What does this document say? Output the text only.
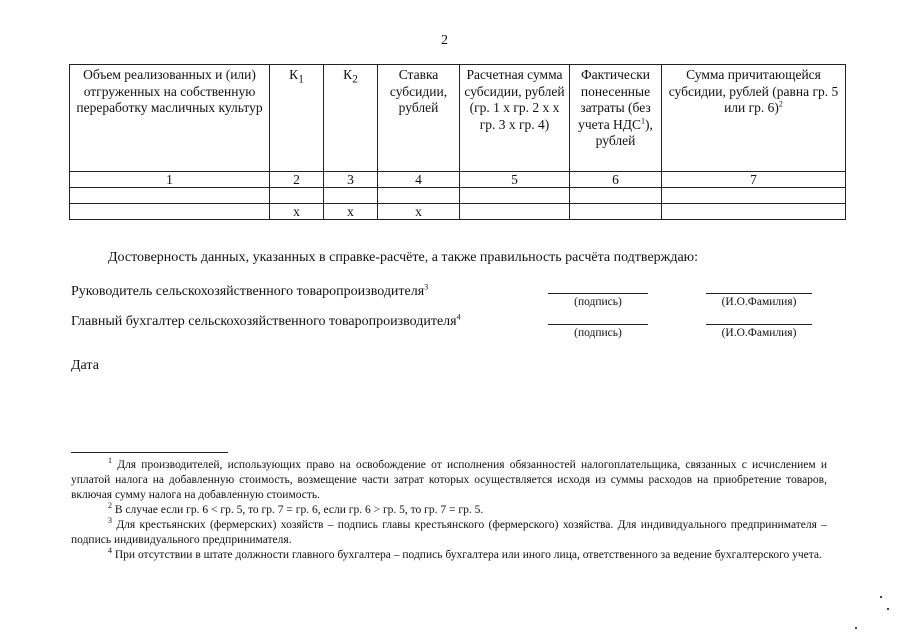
2
Объем реализованных и (или) отгруженных на собственную переработку масличных культур	$К_1$	$К_2$	Ставка субсидии, рублей	Расчетная сумма субсидии, рублей (гр. 1 х гр. 2 х х гр. 3 х гр. 4)	Фактически понесенные затраты (без учета НДС$^1$), рублей	Сумма причитающейся субсидии, рублей (равна гр. 5 или гр. 6)$^2$
1	2	3	4	5	6	7

	x	x	x			
Достоверность данных, указанных в справке-расчёте, а также правильность расчёта подтверждаю:
Руководитель сельскохозяйственного товаропроизводителя$^3$
(подпись)	(И.О.Фамилия)
Главный бухгалтер сельскохозяйственного товаропроизводителя$^4$
(подпись)	(И.О.Фамилия)
Дата

$^1$ Для производителей, использующих право на освобождение от исполнения обязанностей налогоплательщика, связанных с исчислением и уплатой налога на добавленную стоимость, возмещение части затрат которых осуществляется исходя из суммы расходов на приобретение товаров, включая сумму налога на добавленную стоимость.

$^2$ В случае если гр. 6 < гр. 5, то гр. 7 = гр. 6, если гр. 6 > гр. 5, то гр. 7 = гр. 5.

$^3$ Для крестьянских (фермерских) хозяйств – подпись главы крестьянского (фермерского) хозяйства. Для индивидуального предпринимателя – подпись индивидуального предпринимателя.

$^4$ При отсутствии в штате должности главного бухгалтера – подпись бухгалтера или иного лица, ответственного за ведение бухгалтерского учета.
